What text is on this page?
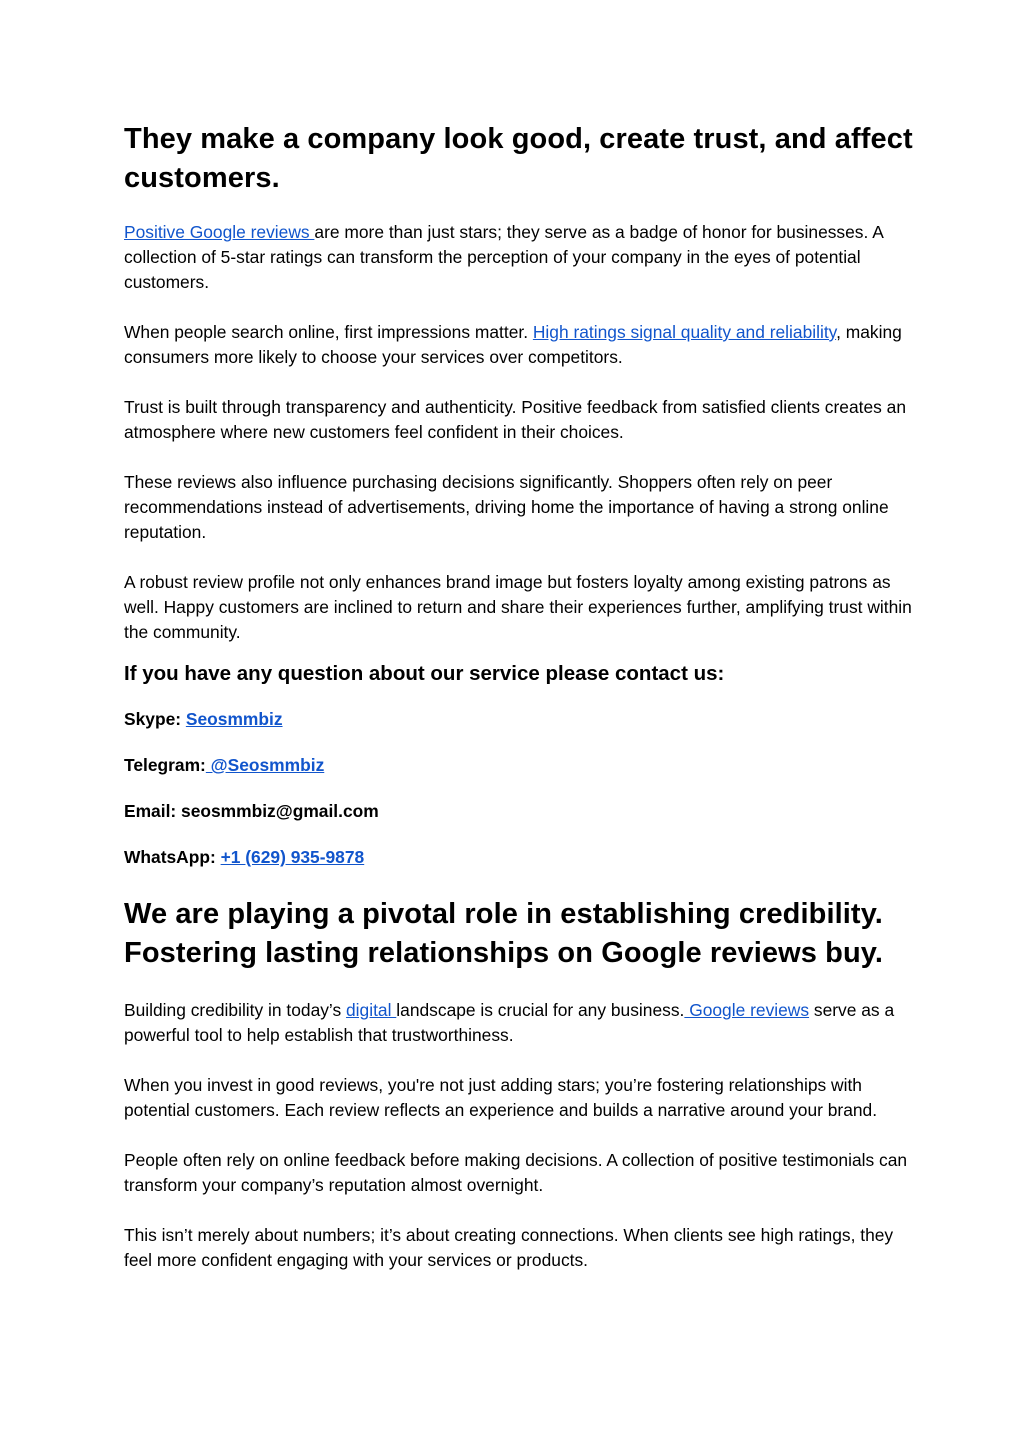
They make a company look good, create trust, and affect customers.

Positive Google reviews are more than just stars; they serve as a badge of honor for businesses. A collection of 5-star ratings can transform the perception of your company in the eyes of potential customers.

When people search online, first impressions matter. High ratings signal quality and reliability, making consumers more likely to choose your services over competitors.

Trust is built through transparency and authenticity. Positive feedback from satisfied clients creates an atmosphere where new customers feel confident in their choices.

These reviews also influence purchasing decisions significantly. Shoppers often rely on peer recommendations instead of advertisements, driving home the importance of having a strong online reputation.

A robust review profile not only enhances brand image but fosters loyalty among existing patrons as well. Happy customers are inclined to return and share their experiences further, amplifying trust within the community.

If you have any question about our service please contact us:

Skype: Seosmmbiz

Telegram: @Seosmmbiz

Email: seosmmbiz@gmail.com

WhatsApp: +1 (629) 935-9878

We are playing a pivotal role in establishing credibility. Fostering lasting relationships on Google reviews buy.

Building credibility in today’s digital landscape is crucial for any business. Google reviews serve as a powerful tool to help establish that trustworthiness.

When you invest in good reviews, you're not just adding stars; you’re fostering relationships with potential customers. Each review reflects an experience and builds a narrative around your brand.

People often rely on online feedback before making decisions. A collection of positive testimonials can transform your company’s reputation almost overnight.

This isn’t merely about numbers; it’s about creating connections. When clients see high ratings, they feel more confident engaging with your services or products.
